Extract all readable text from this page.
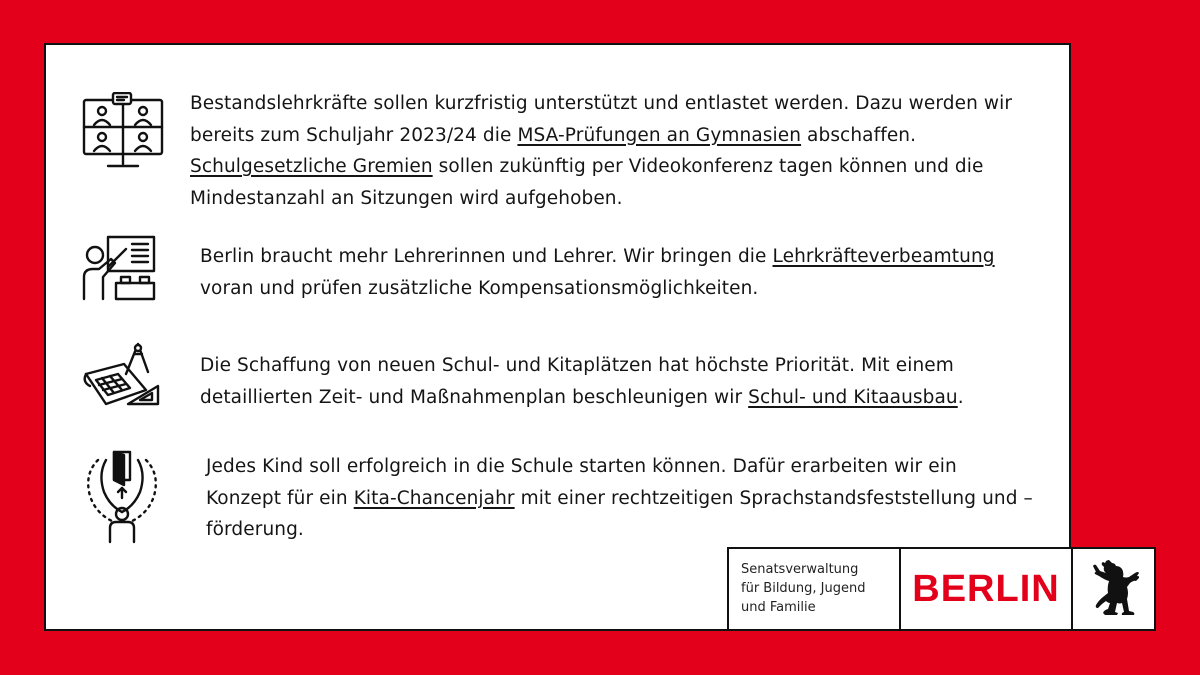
Bestandslehrkräfte sollen kurzfristig unterstützt und entlastet werden. Dazu werden wir
bereits zum Schuljahr 2023/24 die MSA-Prüfungen an Gymnasien abschaffen.
Schulgesetzliche Gremien sollen zukünftig per Videokonferenz tagen können und die
Mindestanzahl an Sitzungen wird aufgehoben.
Berlin braucht mehr Lehrerinnen und Lehrer. Wir bringen die Lehrkräfteverbeamtung
voran und prüfen zusätzliche Kompensationsmöglichkeiten.
Die Schaffung von neuen Schul- und Kitaplätzen hat höchste Priorität. Mit einem
detaillierten Zeit- und Maßnahmenplan beschleunigen wir Schul- und Kitaausbau.
Jedes Kind soll erfolgreich in die Schule starten können. Dafür erarbeiten wir ein
Konzept für ein Kita-Chancenjahr mit einer rechtzeitigen Sprachstandsfeststellung und –
förderung.
Senatsverwaltung
für Bildung, Jugend
und Familie	BERLIN
